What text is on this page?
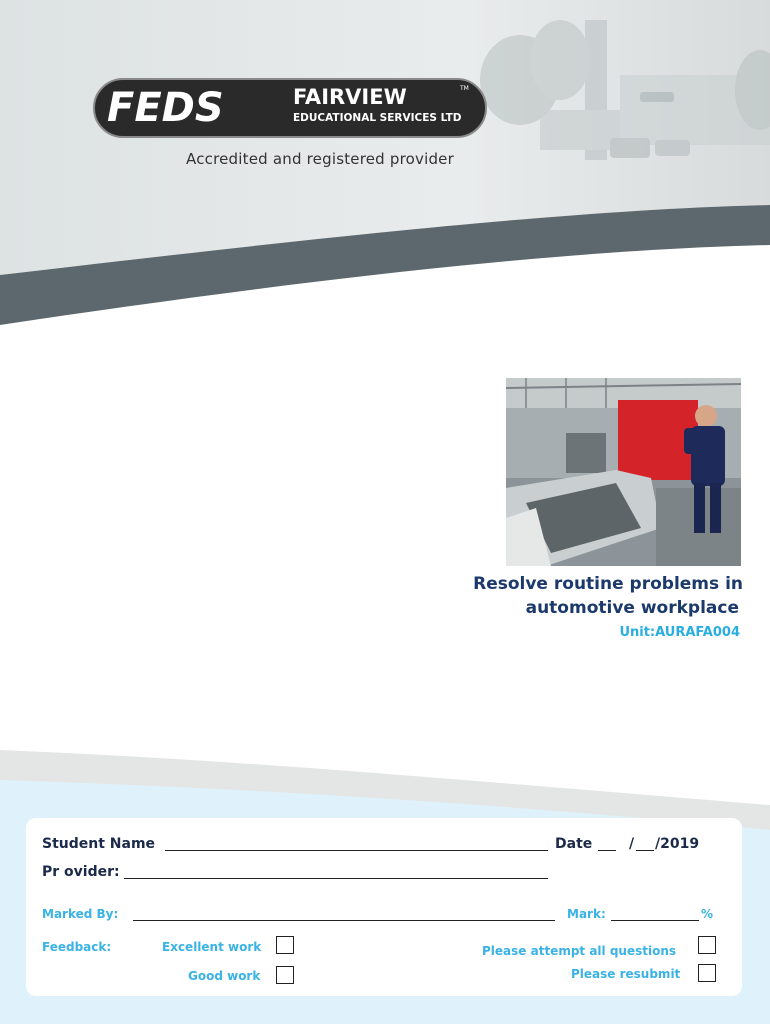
FEDS	FAIRVIEW	TM
EDUCATIONAL SERVICES LTD
Accredited and registered provider
Resolve routine problems in
automotive workplace
Unit:AURAFA004
Student Name	Date	/ /2019
Pr ovider:
Marked By:	Mark:	%
Feedback:	Excellent work
Good work
Please attempt all questions
Please resubmit
